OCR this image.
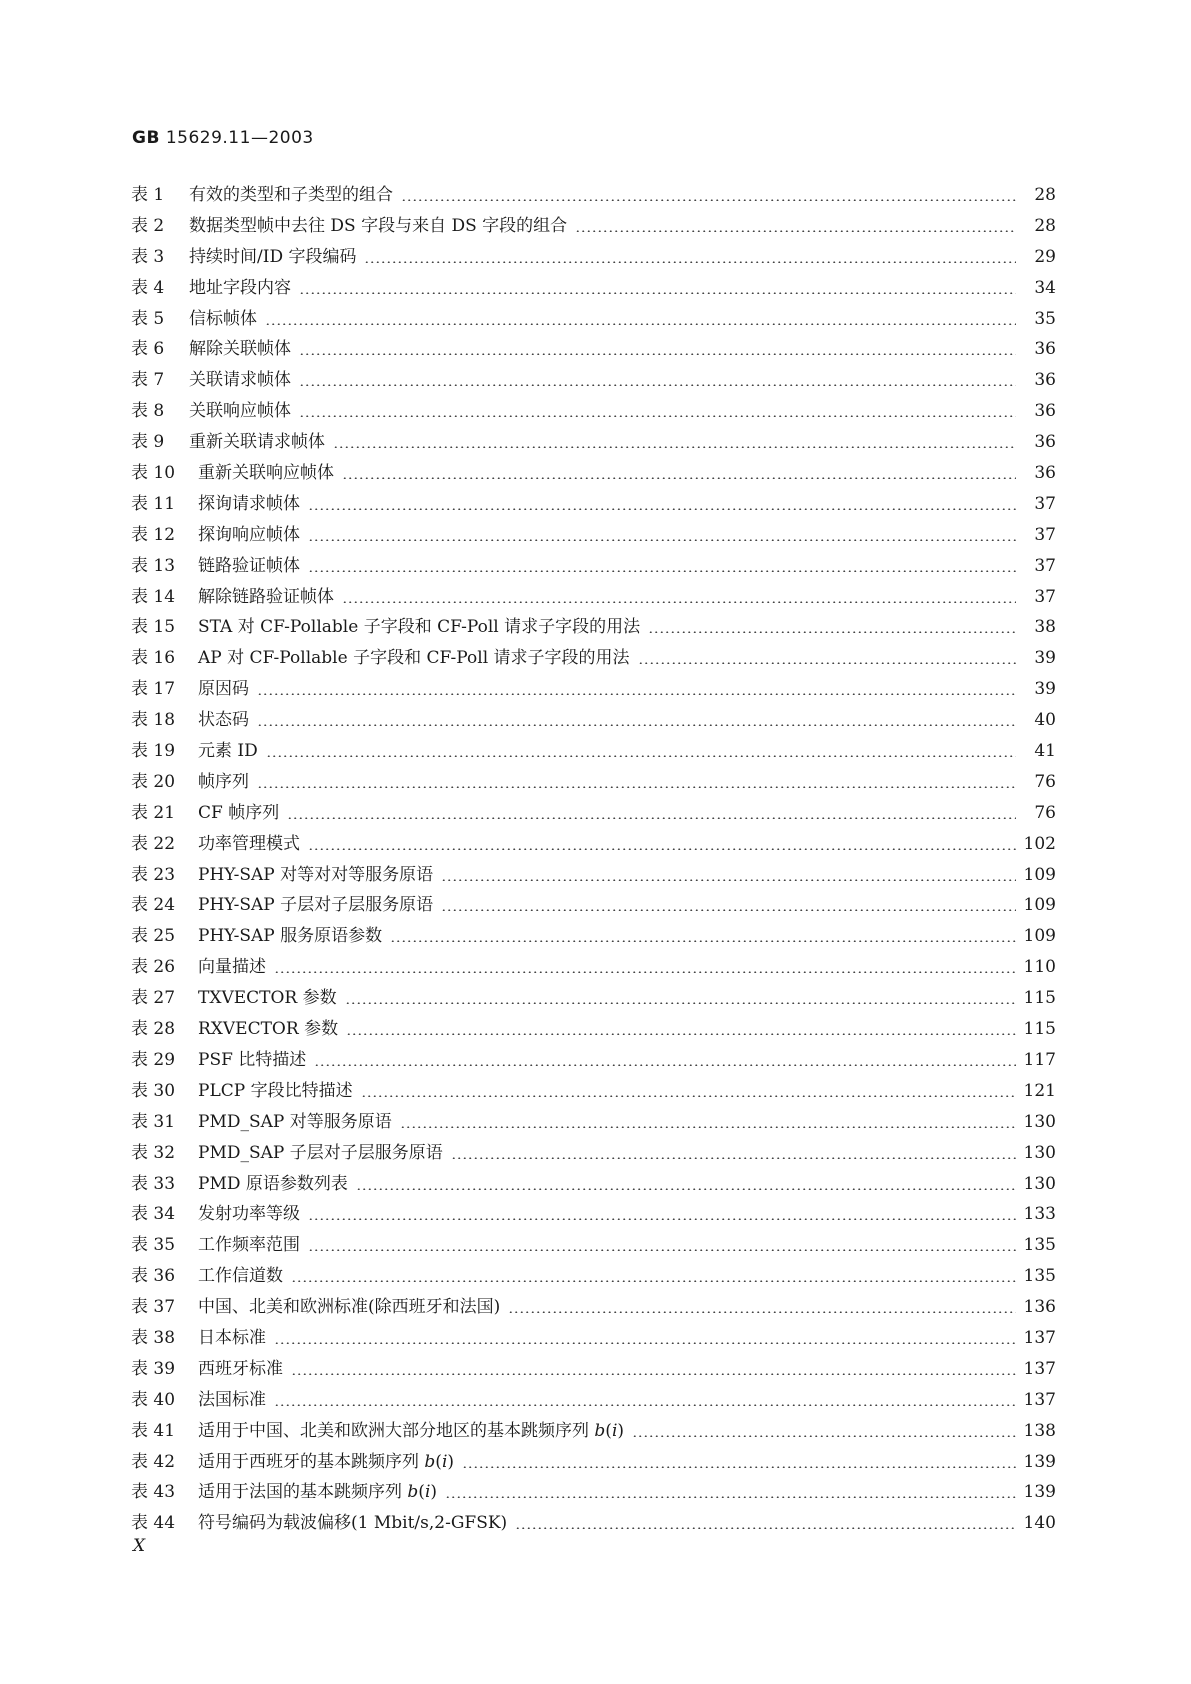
GB 15629.11—2003
表 1	有效的类型和子类型的组合	28
表 2	数据类型帧中去往 DS 字段与来自 DS 字段的组合	28
表 3	持续时间/ID 字段编码	29
表 4	地址字段内容	34
表 5	信标帧体	35
表 6	解除关联帧体	36
表 7	关联请求帧体	36
表 8	关联响应帧体	36
表 9	重新关联请求帧体	36
表 10	重新关联响应帧体	36
表 11	探询请求帧体	37
表 12	探询响应帧体	37
表 13	链路验证帧体	37
表 14	解除链路验证帧体	37
表 15	STA 对 CF-Pollable 子字段和 CF-Poll 请求子字段的用法	38
表 16	AP 对 CF-Pollable 子字段和 CF-Poll 请求子字段的用法	39
表 17	原因码	39
表 18	状态码	40
表 19	元素 ID	41
表 20	帧序列	76
表 21	CF 帧序列	76
表 22	功率管理模式	102
表 23	PHY-SAP 对等对对等服务原语	109
表 24	PHY-SAP 子层对子层服务原语	109
表 25	PHY-SAP 服务原语参数	109
表 26	向量描述	110
表 27	TXVECTOR 参数	115
表 28	RXVECTOR 参数	115
表 29	PSF 比特描述	117
表 30	PLCP 字段比特描述	121
表 31	PMD_SAP 对等服务原语	130
表 32	PMD_SAP 子层对子层服务原语	130
表 33	PMD 原语参数列表	130
表 34	发射功率等级	133
表 35	工作频率范围	135
表 36	工作信道数	135
表 37	中国、北美和欧洲标准(除西班牙和法国)	136
表 38	日本标准	137
表 39	西班牙标准	137
表 40	法国标准	137
表 41	适用于中国、北美和欧洲大部分地区的基本跳频序列 b(i)	138
表 42	适用于西班牙的基本跳频序列 b(i)	139
表 43	适用于法国的基本跳频序列 b(i)	139
表 44	符号编码为载波偏移(1 Mbit/s,2-GFSK)	140
X
